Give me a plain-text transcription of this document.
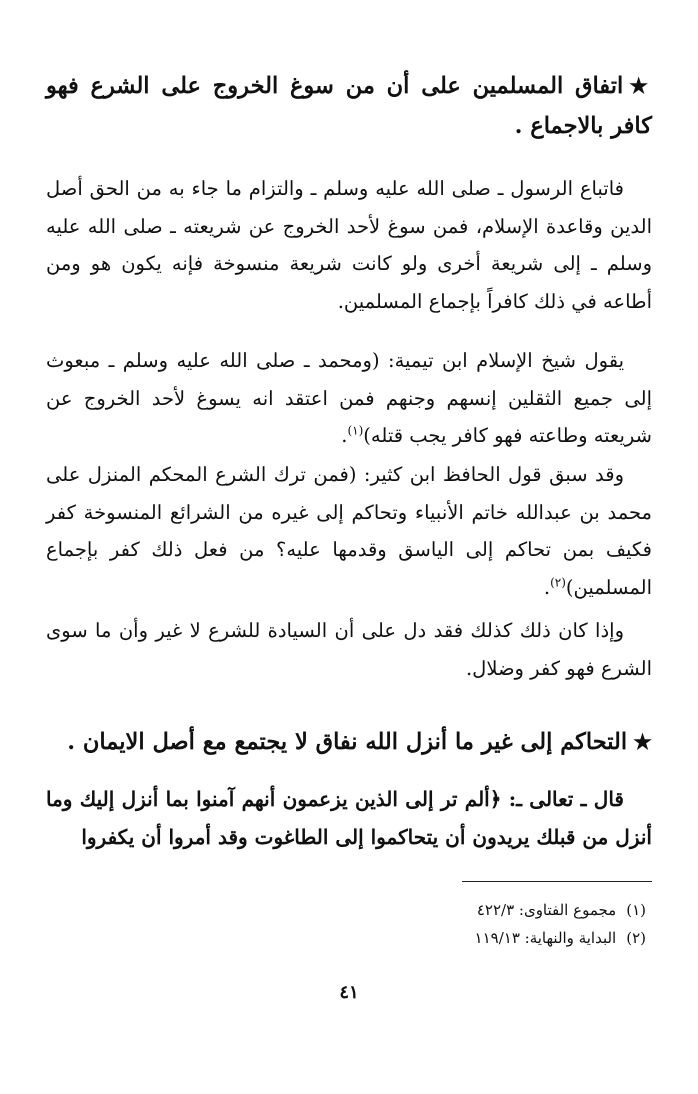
★اتفاق المسلمين على أن من سوغ الخروج على الشرع فهو كافر بالاجماع .

فاتباع الرسول ـ صلى الله عليه وسلم ـ والتزام ما جاء به من الحق أصل الدين وقاعدة الإسلام، فمن سوغ لأحد الخروج عن شريعته ـ صلى الله عليه وسلم ـ إلى شريعة أخرى ولو كانت شريعة منسوخة فإنه يكون هو ومن أطاعه في ذلك كافراً بإجماع المسلمين.

يقول شيخ الإسلام ابن تيمية: (ومحمد ـ صلى الله عليه وسلم ـ مبعوث إلى جميع الثقلين إنسهم وجنهم فمن اعتقد انه يسوغ لأحد الخروج عن شريعته وطاعته فهو كافر يجب قتله)$^{(١)}$.

وقد سبق قول الحافظ ابن كثير: (فمن ترك الشرع المحكم المنزل على محمد بن عبدالله خاتم الأنبياء وتحاكم إلى غيره من الشرائع المنسوخة كفر فكيف بمن تحاكم إلى الياسق وقدمها عليه؟ من فعل ذلك كفر بإجماع المسلمين)$^{(٢)}$.

وإذا كان ذلك كذلك فقد دل على أن السيادة للشرع لا غير وأن ما سوى الشرع فهو كفر وضلال.

★التحاكم إلى غير ما أنزل الله نفاق لا يجتمع مع أصل الايمان .

قال ـ تعالى ـ: ﴿ألم تر إلى الذين يزعمون أنهم آمنوا بما أنزل إليك وما أنزل من قبلك يريدون أن يتحاكموا إلى الطاغوت وقد أمروا أن يكفروا

(١)مجموع الفتاوى: ٤٢٢/٣
(٢)البداية والنهاية: ١١٩/١٣
٤١
